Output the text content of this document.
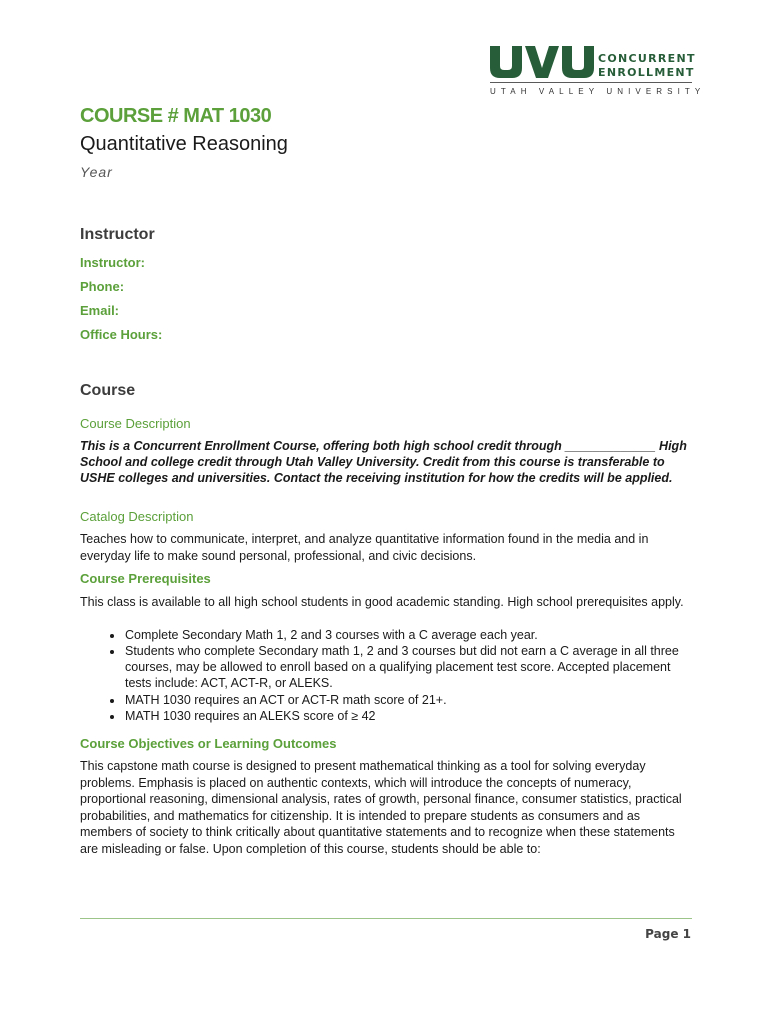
CONCURRENT
ENROLLMENT
UTAH VALLEY UNIVERSITY
COURSE # MAT 1030
Quantitative Reasoning
Year
Instructor
Instructor:
Phone:
Email:
Office Hours:
Course
Course Description
This is a Concurrent Enrollment Course, offering both high school credit through _____________ High School and college credit through Utah Valley University. Credit from this course is transferable to USHE colleges and universities. Contact the receiving institution for how the credits will be applied.
Catalog Description
Teaches how to communicate, interpret, and analyze quantitative information found in the media and in everyday life to make sound personal, professional, and civic decisions.
Course Prerequisites
This class is available to all high school students in good academic standing. High school prerequisites apply.
• Complete Secondary Math 1, 2 and 3 courses with a C average each year.
• Students who complete Secondary math 1, 2 and 3 courses but did not earn a C average in all three courses, may be allowed to enroll based on a qualifying placement test score. Accepted placement tests include: ACT, ACT-R, or ALEKS.
• MATH 1030 requires an ACT or ACT-R math score of 21+.
• MATH 1030 requires an ALEKS score of ≥ 42
Course Objectives or Learning Outcomes
This capstone math course is designed to present mathematical thinking as a tool for solving everyday problems. Emphasis is placed on authentic contexts, which will introduce the concepts of numeracy, proportional reasoning, dimensional analysis, rates of growth, personal finance, consumer statistics, practical probabilities, and mathematics for citizenship. It is intended to prepare students as consumers and as members of society to think critically about quantitative statements and to recognize when these statements are misleading or false. Upon completion of this course, students should be able to:
Page 1
